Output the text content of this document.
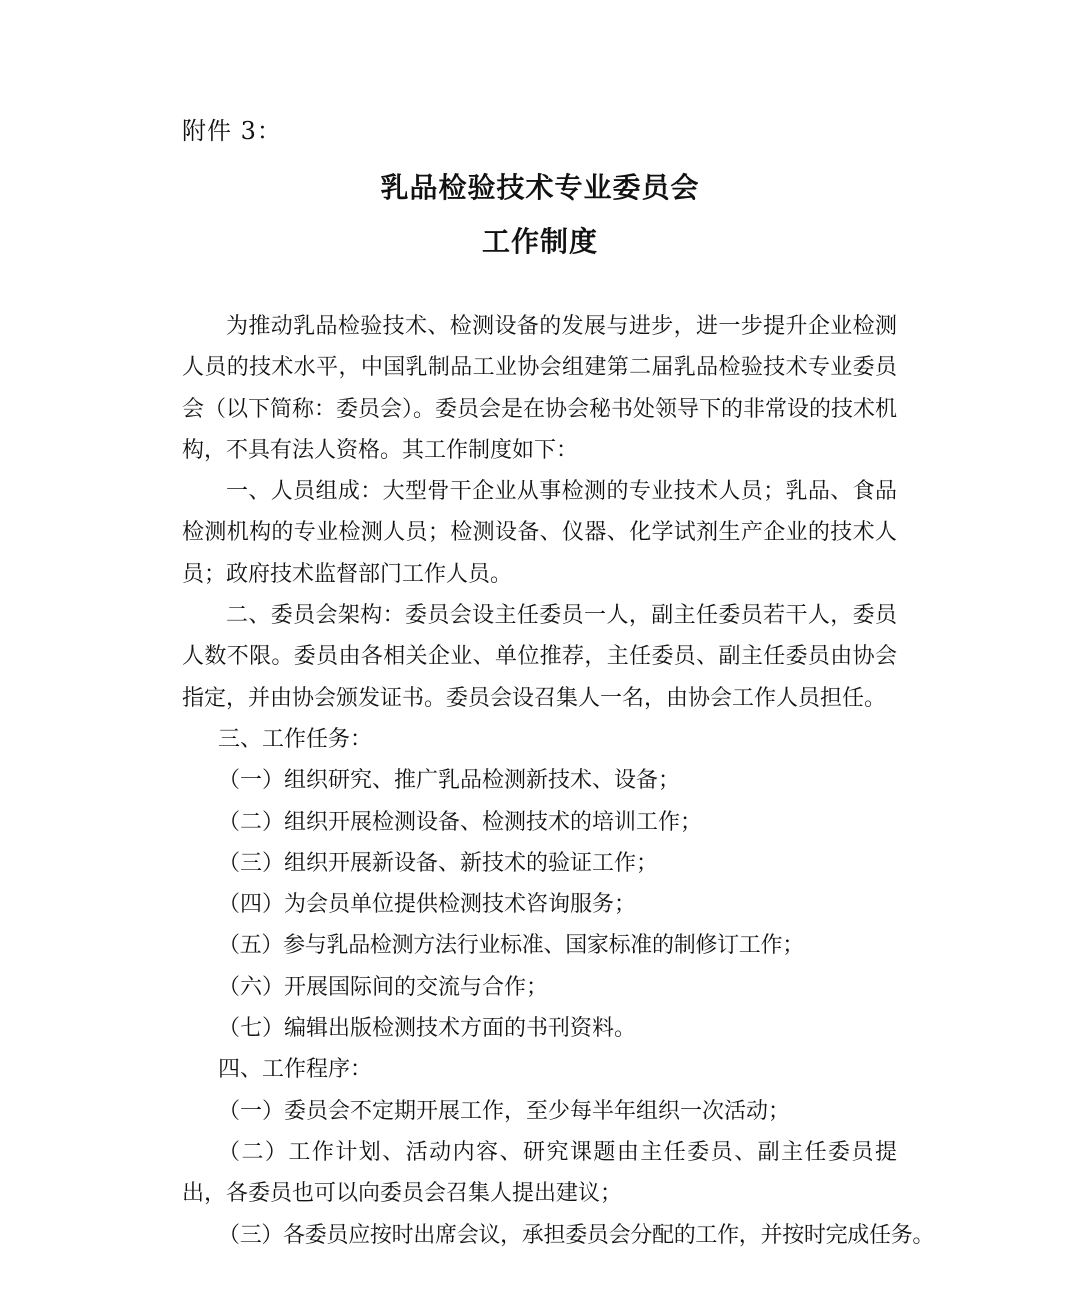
附件 3：
乳品检验技术专业委员会
工作制度

为推动乳品检验技术、检测设备的发展与进步，进一步提升企业检测人员的技术水平，中国乳制品工业协会组建第二届乳品检验技术专业委员会（以下简称：委员会）。委员会是在协会秘书处领导下的非常设的技术机构，不具有法人资格。其工作制度如下：

一、人员组成：大型骨干企业从事检测的专业技术人员；乳品、食品检测机构的专业检测人员；检测设备、仪器、化学试剂生产企业的技术人员；政府技术监督部门工作人员。

二、委员会架构：委员会设主任委员一人，副主任委员若干人，委员人数不限。委员由各相关企业、单位推荐，主任委员、副主任委员由协会指定，并由协会颁发证书。委员会设召集人一名，由协会工作人员担任。

三、工作任务：

（一）组织研究、推广乳品检测新技术、设备；

（二）组织开展检测设备、检测技术的培训工作；

（三）组织开展新设备、新技术的验证工作；

（四）为会员单位提供检测技术咨询服务；

（五）参与乳品检测方法行业标准、国家标准的制修订工作；

（六）开展国际间的交流与合作；

（七）编辑出版检测技术方面的书刊资料。

四、工作程序：

（一）委员会不定期开展工作，至少每半年组织一次活动；

（二）工作计划、活动内容、研究课题由主任委员、副主任委员提出，各委员也可以向委员会召集人提出建议；

（三）各委员应按时出席会议，承担委员会分配的工作，并按时完成任务。
